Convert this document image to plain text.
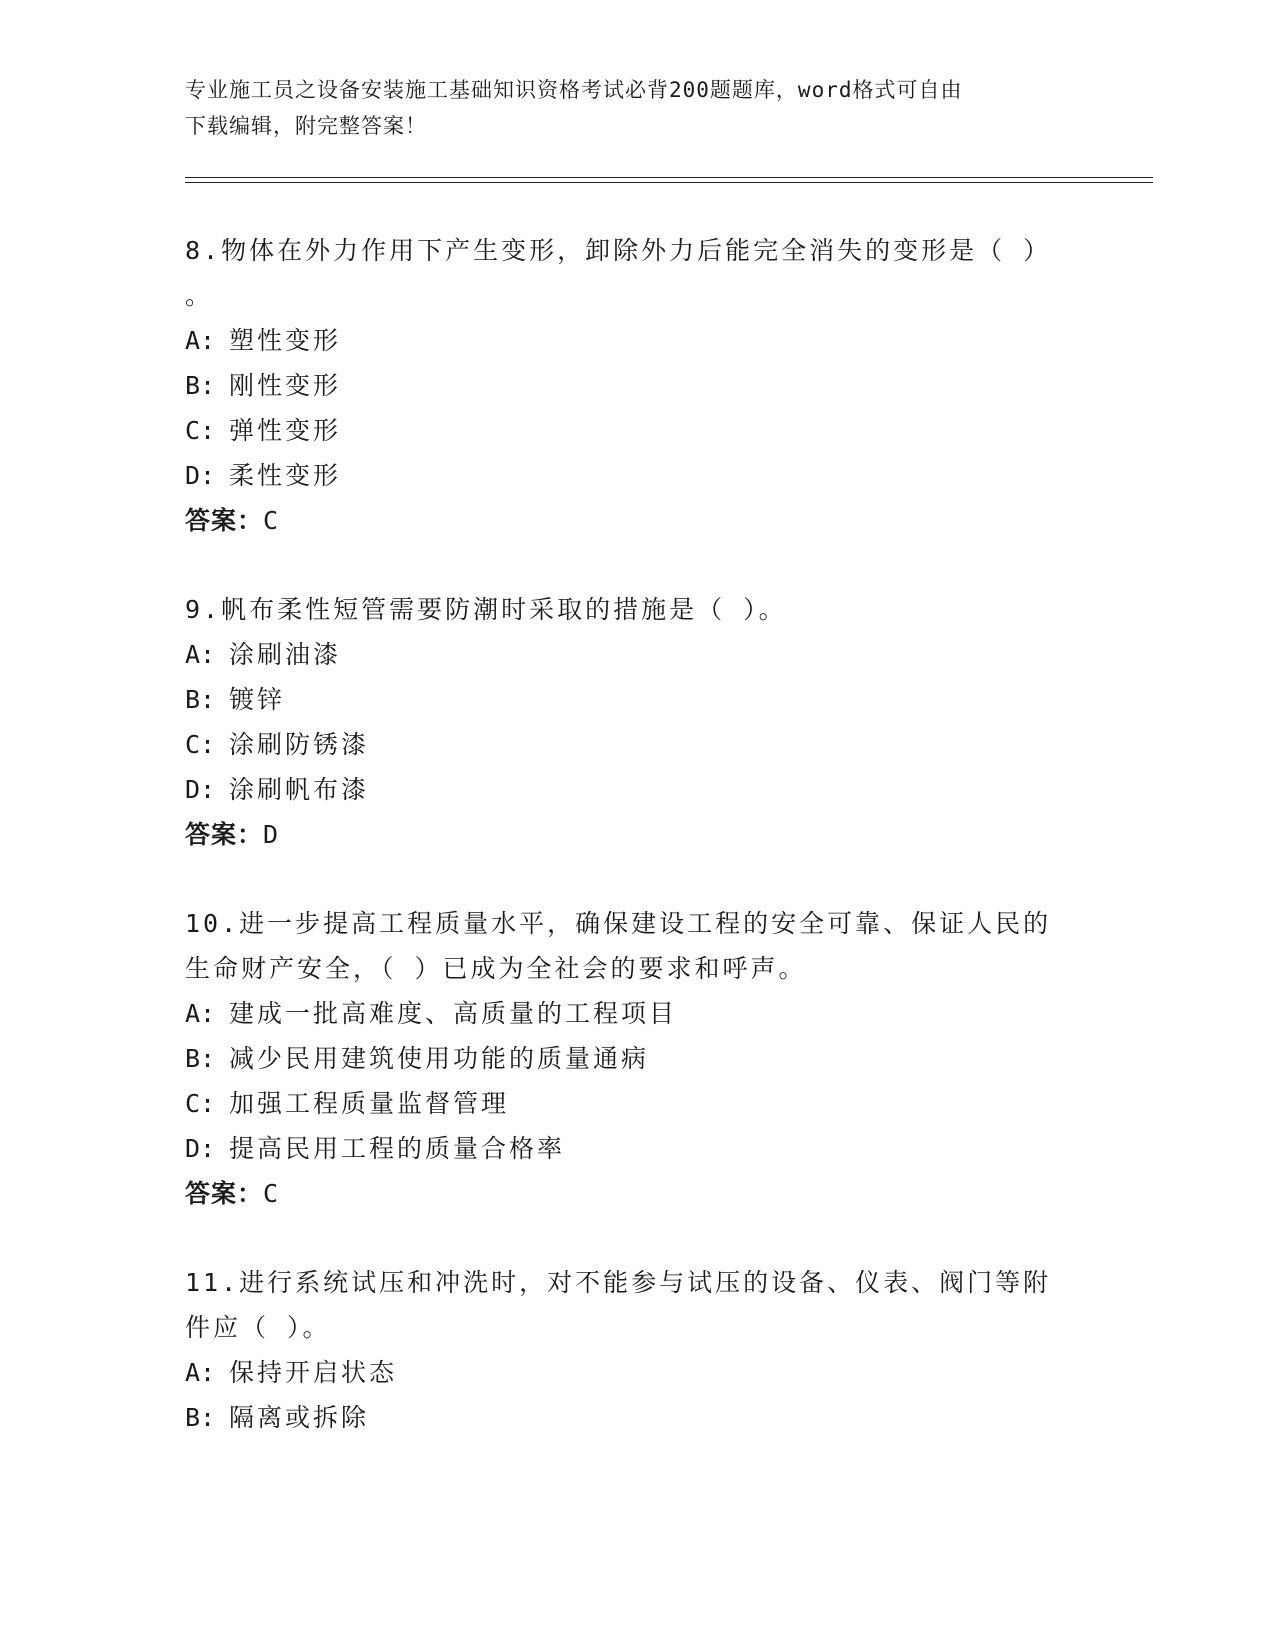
专业施工员之设备安装施工基础知识资格考试必背200题题库，word格式可自由
下载编辑，附完整答案！

8.物体在外力作用下产生变形，卸除外力后能完全消失的变形是（ ）

。

A: 塑性变形

B: 刚性变形

C: 弹性变形

D: 柔性变形

答案：C

9.帆布柔性短管需要防潮时采取的措施是（ ）。

A: 涂刷油漆

B: 镀锌

C: 涂刷防锈漆

D: 涂刷帆布漆

答案：D

10.进一步提高工程质量水平，确保建设工程的安全可靠、保证人民的

生命财产安全，（ ）已成为全社会的要求和呼声。

A: 建成一批高难度、高质量的工程项目

B: 减少民用建筑使用功能的质量通病

C: 加强工程质量监督管理

D: 提高民用工程的质量合格率

答案：C

11.进行系统试压和冲洗时，对不能参与试压的设备、仪表、阀门等附

件应（ ）。

A: 保持开启状态

B: 隔离或拆除
